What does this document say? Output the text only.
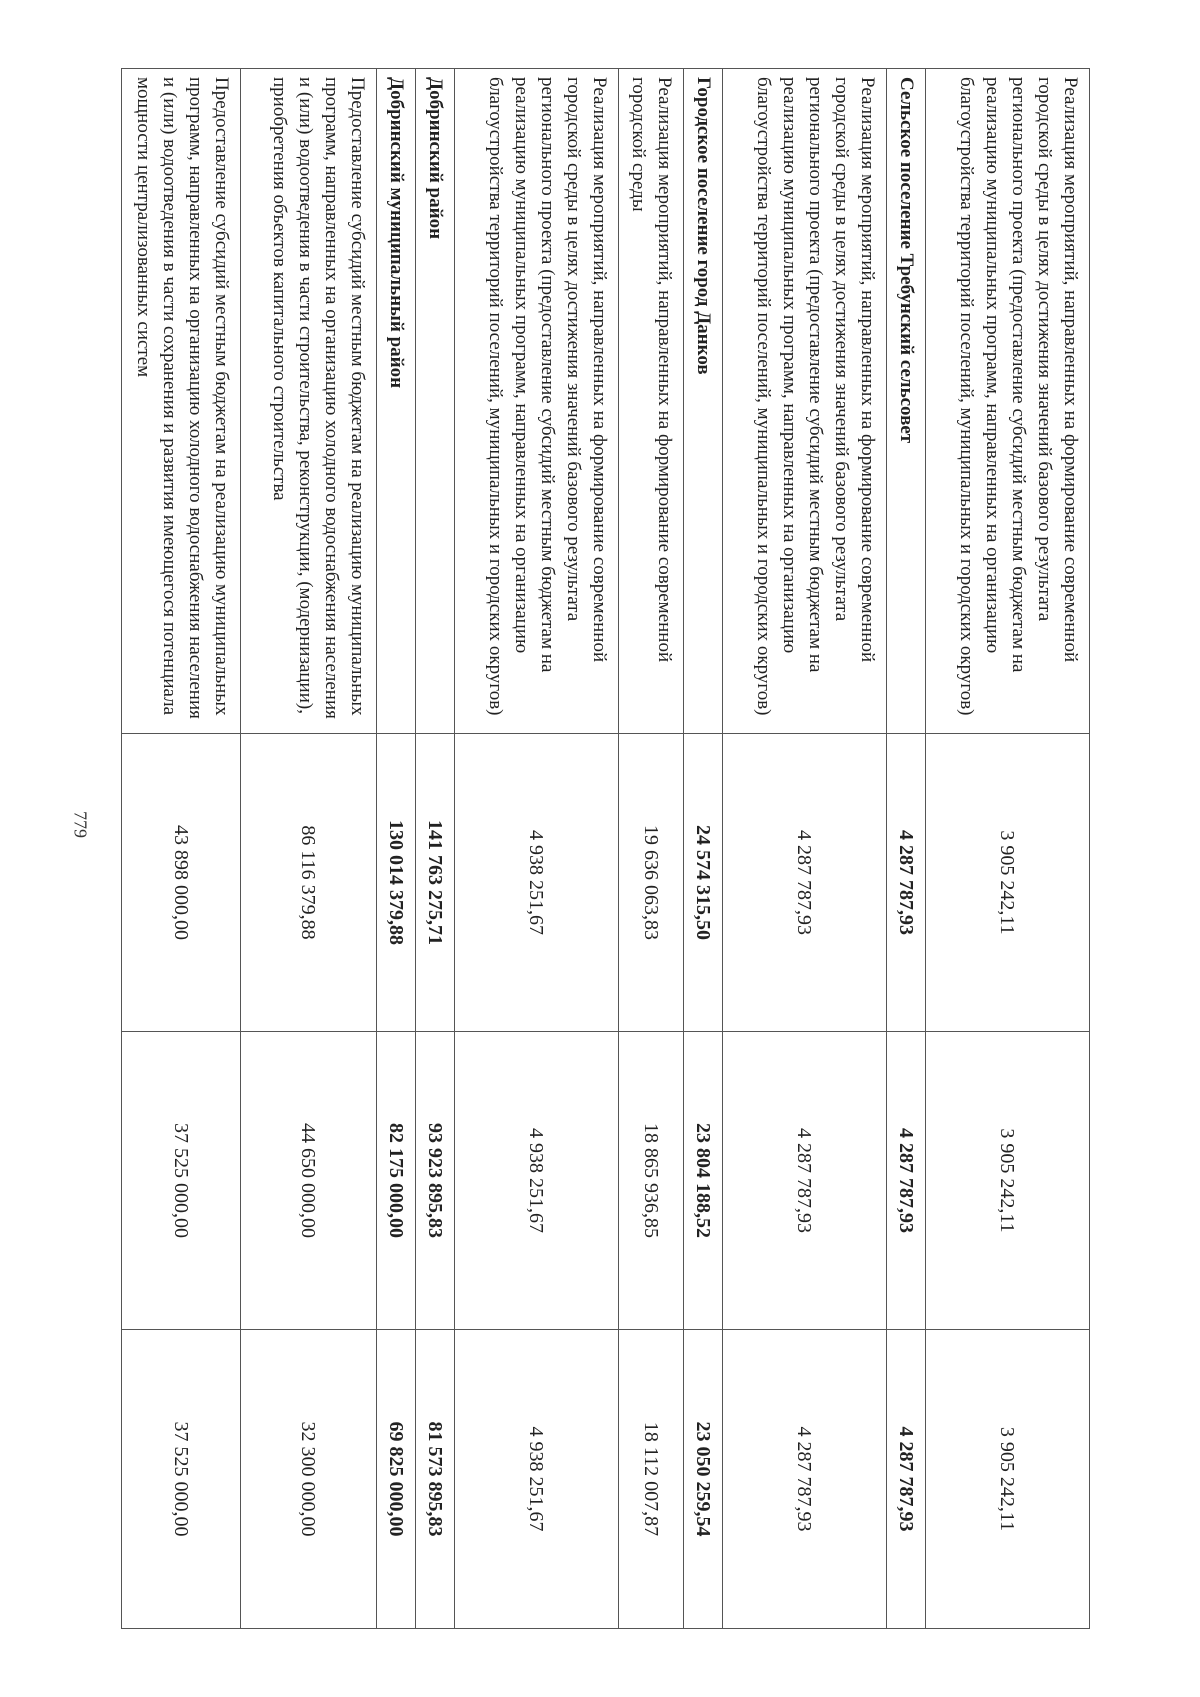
779
Реализация мероприятий, направленных на формирование современной городской среды в целях достижения значений базового результата регионального проекта (предоставление субсидий местным бюджетам на реализацию муниципальных программ, направленных на организацию благоустройства территорий поселений, муниципальных и городских округов)	3 905 242,11	3 905 242,11	3 905 242,11
Сельское поселение Требунский сельсовет	4 287 787,93	4 287 787,93	4 287 787,93
Реализация мероприятий, направленных на формирование современной городской среды в целях достижения значений базового результата регионального проекта (предоставление субсидий местным бюджетам на реализацию муниципальных программ, направленных на организацию благоустройства территорий поселений, муниципальных и городских округов)	4 287 787,93	4 287 787,93	4 287 787,93
Городское поселение город Данков	24 574 315,50	23 804 188,52	23 050 259,54
Реализация мероприятий, направленных на формирование современной городской среды	19 636 063,83	18 865 936,85	18 112 007,87
Реализация мероприятий, направленных на формирование современной городской среды в целях достижения значений базового результата регионального проекта (предоставление субсидий местным бюджетам на реализацию муниципальных программ, направленных на организацию благоустройства территорий поселений, муниципальных и городских округов)	4 938 251,67	4 938 251,67	4 938 251,67
Добринский район	141 763 275,71	93 923 895,83	81 573 895,83
Добринский муниципальный район	130 014 379,88	82 175 000,00	69 825 000,00
Предоставление субсидий местным бюджетам на реализацию муниципальных программ, направленных на организацию холодного водоснабжения населения и (или) водоотведения в части строительства, реконструкции, (модернизации), приобретения объектов капитального строительства	86 116 379,88	44 650 000,00	32 300 000,00
Предоставление субсидий местным бюджетам на реализацию муниципальных программ, направленных на организацию холодного водоснабжения населения и (или) водоотведения в части сохранения и развития имеющегося потенциала мощности централизованных систем	43 898 000,00	37 525 000,00	37 525 000,00
